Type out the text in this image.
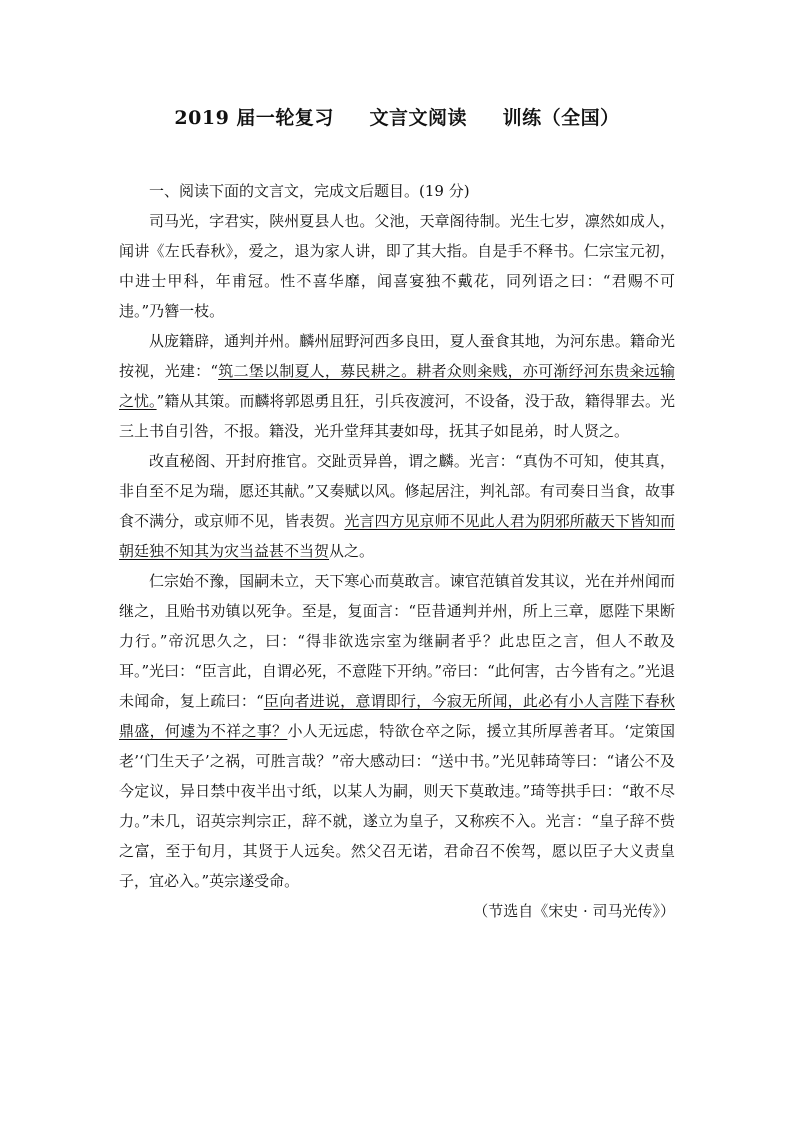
2019 届一轮复习     文言文阅读     训练（全国）

一、阅读下面的文言文，完成文后题目。(19 分)

司马光，字君实，陕州夏县人也。父池，天章阁待制。光生七岁，凛然如成人，闻讲《左氏春秋》，爱之，退为家人讲，即了其大指。自是手不释书。仁宗宝元初，中进士甲科，年甫冠。性不喜华靡，闻喜宴独不戴花，同列语之曰：“君赐不可违。”乃簪一枝。

从庞籍辟，通判并州。麟州屈野河西多良田，夏人蚕食其地，为河东患。籍命光按视，光建：“筑二堡以制夏人，募民耕之。耕者众则籴贱，亦可渐纾河东贵籴远输之忧。”籍从其策。而麟将郭恩勇且狂，引兵夜渡河，不设备，没于敌，籍得罪去。光三上书自引咎，不报。籍没，光升堂拜其妻如母，抚其子如昆弟，时人贤之。

改直秘阁、开封府推官。交趾贡异兽，谓之麟。光言：“真伪不可知，使其真，非自至不足为瑞，愿还其献。”又奏赋以风。修起居注，判礼部。有司奏日当食，故事食不满分，或京师不见，皆表贺。光言四方见京师不见此人君为阴邪所蔽天下皆知而朝廷独不知其为灾当益甚不当贺从之。

仁宗始不豫，国嗣未立，天下寒心而莫敢言。谏官范镇首发其议，光在并州闻而继之，且贻书劝镇以死争。至是，复面言：“臣昔通判并州，所上三章，愿陛下果断力行。”帝沉思久之，曰：“得非欲选宗室为继嗣者乎？此忠臣之言，但人不敢及耳。”光曰：“臣言此，自谓必死，不意陛下开纳。”帝曰：“此何害，古今皆有之。”光退未闻命，复上疏曰：“臣向者进说，意谓即行，今寂无所闻，此必有小人言陛下春秋鼎盛，何遽为不祥之事？小人无远虑，特欲仓卒之际，援立其所厚善者耳。‘定策国老’‘门生天子’之祸，可胜言哉？”帝大感动曰：“送中书。”光见韩琦等曰：“诸公不及今定议，异日禁中夜半出寸纸，以某人为嗣，则天下莫敢违。”琦等拱手曰：“敢不尽力。”未几，诏英宗判宗正，辞不就，遂立为皇子，又称疾不入。光言：“皇子辞不赀之富，至于旬月，其贤于人远矣。然父召无诺，君命召不俟驾，愿以臣子大义责皇子，宜必入。”英宗遂受命。

（节选自《宋史 · 司马光传》）
